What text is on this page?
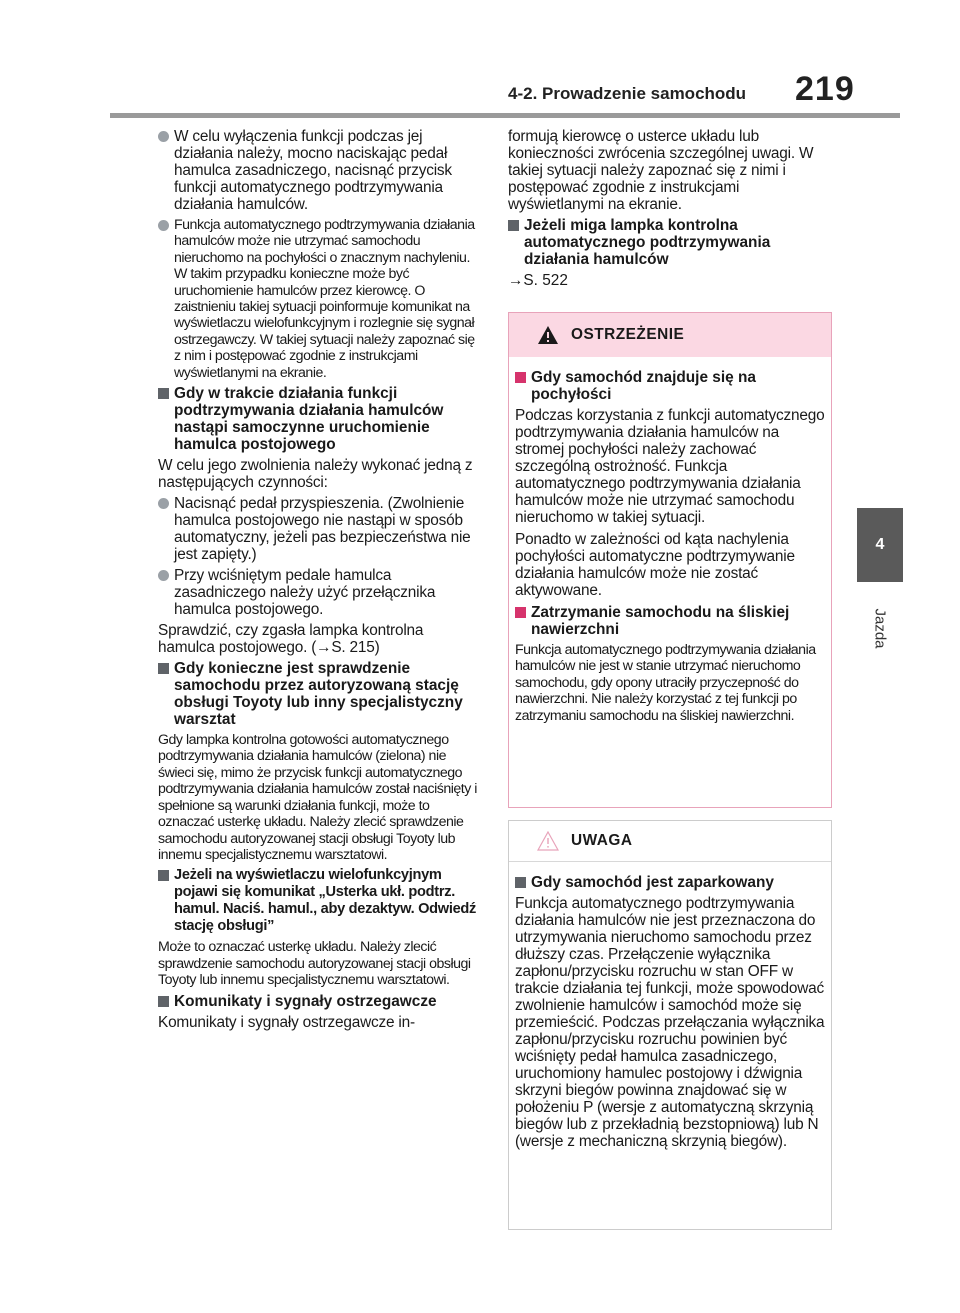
4-2. Prowadzenie samochodu	219
4
Jazda

W celu wyłączenia funkcji podczas jej działania należy, mocno naciskając pedał hamulca zasadniczego, nacisnąć przycisk funkcji automatycznego podtrzymywania działania hamulców.

Funkcja automatycznego podtrzymywania działania hamulców może nie utrzymać samochodu nieruchomo na pochyłości o znacznym nachyleniu. W takim przypadku konieczne może być uruchomienie hamulców przez kierowcę. O zaistnieniu takiej sytuacji poinformuje komunikat na wyświetlaczu wielofunkcyjnym i rozlegnie się sygnał ostrzegawczy. W takiej sytuacji należy zapoznać się z nim i postępować zgodnie z instrukcjami wyświetlanymi na ekranie.

Gdy w trakcie działania funkcji podtrzymywania działania hamulców nastąpi samoczynne uruchomienie hamulca postojowego

W celu jego zwolnienia należy wykonać jedną z następujących czynności:

Nacisnąć pedał przyspieszenia. (Zwolnienie hamulca postojowego nie nastąpi w sposób automatyczny, jeżeli pas bezpieczeństwa nie jest zapięty.)

Przy wciśniętym pedale hamulca zasadniczego należy użyć przełącznika hamulca postojowego.

Sprawdzić, czy zgasła lampka kontrolna hamulca postojowego. (→S. 215)

Gdy konieczne jest sprawdzenie samochodu przez autoryzowaną stację obsługi Toyoty lub inny specjalistyczny warsztat

Gdy lampka kontrolna gotowości automatycznego podtrzymywania działania hamulców (zielona) nie świeci się, mimo że przycisk funkcji automatycznego podtrzymywania działania hamulców został naciśnięty i spełnione są warunki działania funkcji, może to oznaczać usterkę układu. Należy zlecić sprawdzenie samochodu autoryzowanej stacji obsługi Toyoty lub innemu specjalistycznemu warsztatowi.

Jeżeli na wyświetlaczu wielofunkcyjnym pojawi się komunikat „Usterka ukł. podtrz. hamul. Naciś. hamul., aby dezaktyw. Odwiedź stację obsługi”

Może to oznaczać usterkę układu. Należy zlecić sprawdzenie samochodu autoryzowanej stacji obsługi Toyoty lub innemu specjalistycznemu warsztatowi.

Komunikaty i sygnały ostrzegawcze

Komunikaty i sygnały ostrzegawcze in-

formują kierowcę o usterce układu lub konieczności zwrócenia szczególnej uwagi. W takiej sytuacji należy zapoznać się z nimi i postępować zgodnie z instrukcjami wyświetlanymi na ekranie.

Jeżeli miga lampka kontrolna automatycznego podtrzymywania działania hamulców

→S. 522

OSTRZEŻENIE

Gdy samochód znajduje się na pochyłości

Podczas korzystania z funkcji automatycznego podtrzymywania działania hamulców na stromej pochyłości należy zachować szczególną ostrożność. Funkcja automatycznego podtrzymywania działania hamulców może nie utrzymać samochodu nieruchomo w takiej sytuacji.

Ponadto w zależności od kąta nachylenia pochyłości automatyczne podtrzymywanie działania hamulców może nie zostać aktywowane.

Zatrzymanie samochodu na śliskiej nawierzchni

Funkcja automatycznego podtrzymywania działania hamulców nie jest w stanie utrzymać nieruchomo samochodu, gdy opony utraciły przyczepność do nawierzchni. Nie należy korzystać z tej funkcji po zatrzymaniu samochodu na śliskiej nawierzchni.

UWAGA

Gdy samochód jest zaparkowany

Funkcja automatycznego podtrzymywania działania hamulców nie jest przeznaczona do utrzymywania nieruchomo samochodu przez dłuższy czas. Przełączenie wyłącznika zapłonu/przycisku rozruchu w stan OFF w trakcie działania tej funkcji, może spowodować zwolnienie hamulców i samochód może się przemieścić. Podczas przełączania wyłącznika zapłonu/przycisku rozruchu powinien być wciśnięty pedał hamulca zasadniczego, uruchomiony hamulec postojowy i dźwignia skrzyni biegów powinna znajdować się w położeniu P (wersje z automatyczną skrzynią biegów lub z przekładnią bezstopniową) lub N (wersje z mechaniczną skrzynią biegów).
